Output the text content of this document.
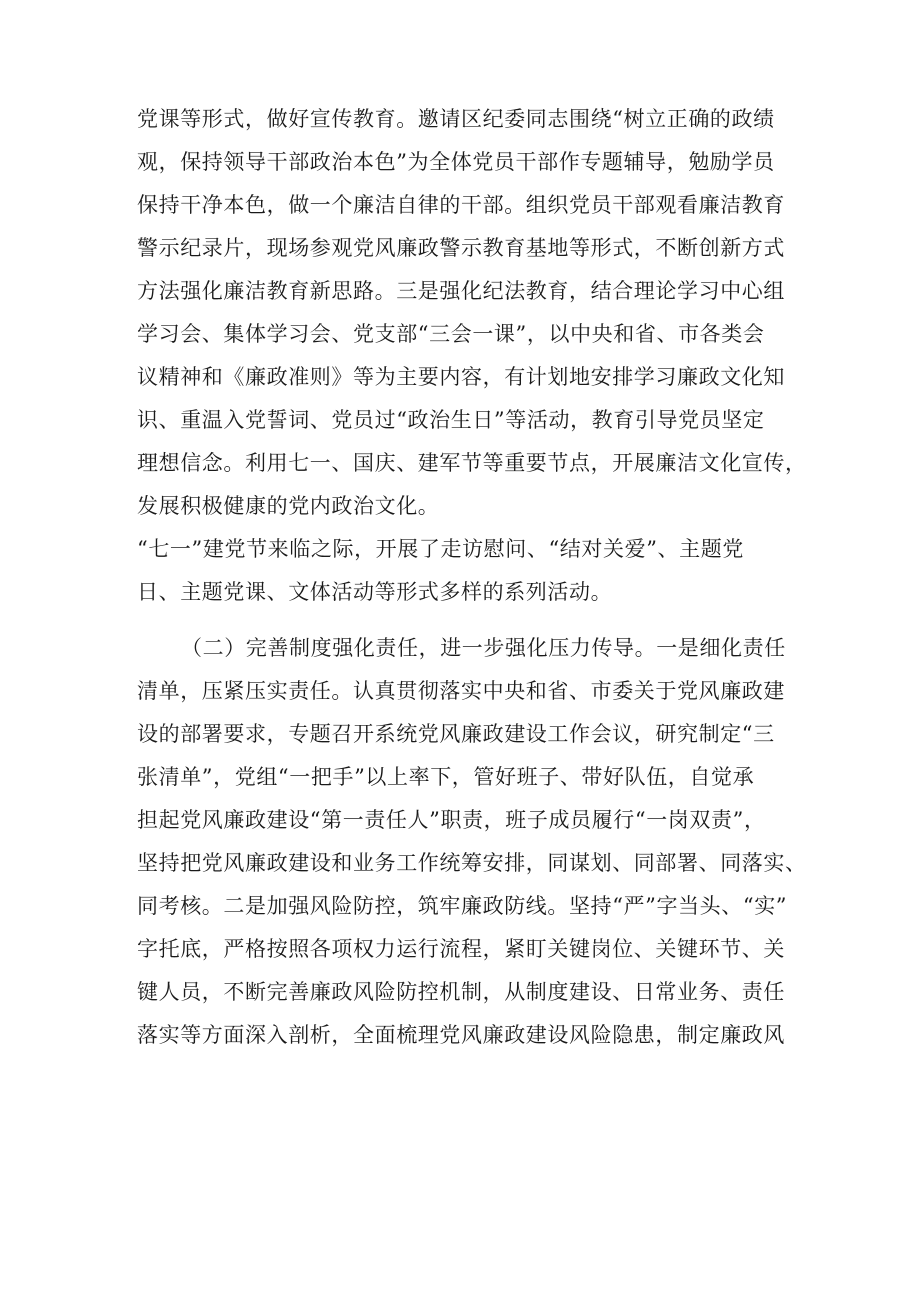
党课等形式，做好宣传教育。邀请区纪委同志围绕“树立正确的政绩
观，保持领导干部政治本色”为全体党员干部作专题辅导，勉励学员
保持干净本色，做一个廉洁自律的干部。组织党员干部观看廉洁教育
警示纪录片，现场参观党风廉政警示教育基地等形式，不断创新方式
方法强化廉洁教育新思路。三是强化纪法教育，结合理论学习中心组
学习会、集体学习会、党支部“三会一课”，以中央和省、市各类会
议精神和《廉政准则》等为主要内容，有计划地安排学习廉政文化知
识、重温入党誓词、党员过“政治生日”等活动，教育引导党员坚定
理想信念。利用七一、国庆、建军节等重要节点，开展廉洁文化宣传，
发展积极健康的党内政治文化。
“七一”建党节来临之际，开展了走访慰问、“结对关爱”、主题党
日、主题党课、文体活动等形式多样的系列活动。
（二）完善制度强化责任，进一步强化压力传导。一是细化责任
清单，压紧压实责任。认真贯彻落实中央和省、市委关于党风廉政建
设的部署要求，专题召开系统党风廉政建设工作会议，研究制定“三
张清单”，党组“一把手”以上率下，管好班子、带好队伍，自觉承
担起党风廉政建设“第一责任人”职责，班子成员履行“一岗双责”，
坚持把党风廉政建设和业务工作统筹安排，同谋划、同部署、同落实、
同考核。二是加强风险防控，筑牢廉政防线。坚持“严”字当头、“实”
字托底，严格按照各项权力运行流程，紧盯关键岗位、关键环节、关
键人员，不断完善廉政风险防控机制，从制度建设、日常业务、责任
落实等方面深入剖析，全面梳理党风廉政建设风险隐患，制定廉政风
